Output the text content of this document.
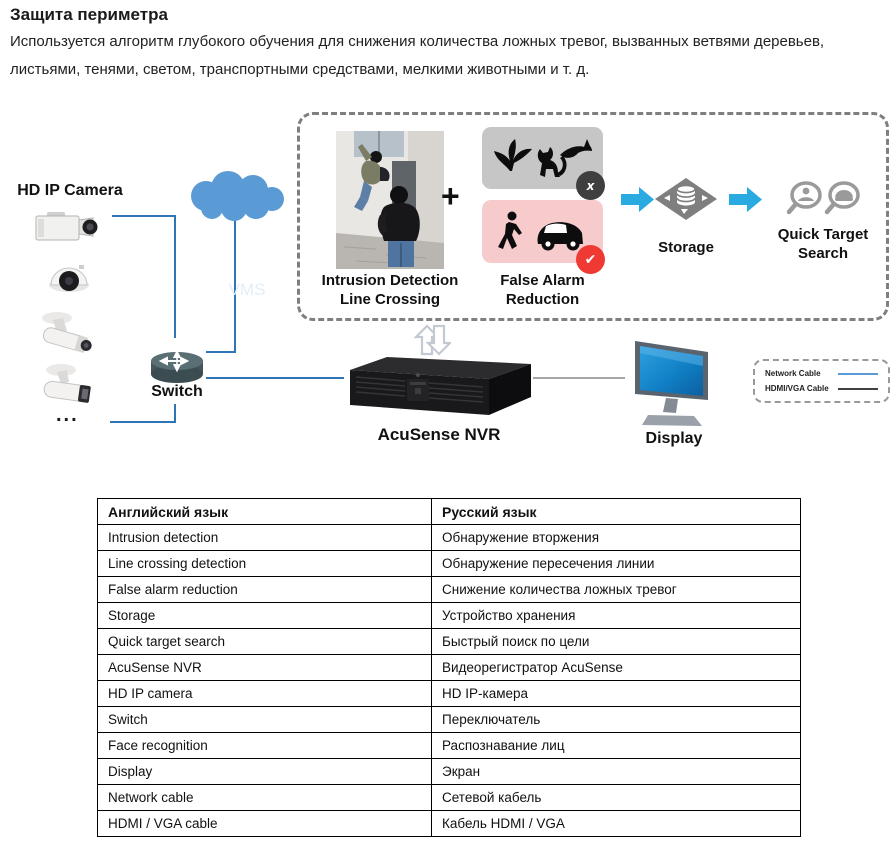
Защита периметра
Используется алгоритм глубокого обучения для снижения количества ложных тревог, вызванных ветвями деревьев,
листьями, тенями, светом, транспортными средствами, мелкими животными и т. д.
HD IP Camera
...
VMS
Switch
Intrusion Detection
Line Crossing
+	x
✔
False Alarm
Reduction
Storage
Quick Target
Search
AcuSense NVR	Display
Network Cable
HDMI/VGA Cable
Английский язык	Русский язык
Intrusion detection	Обнаружение вторжения
Line crossing detection	Обнаружение пересечения линии
False alarm reduction	Снижение количества ложных тревог
Storage	Устройство хранения
Quick target search	Быстрый поиск по цели
AcuSense NVR	Видеорегистратор AcuSense
HD IP camera	HD IP-камера
Switch	Переключатель
Face recognition	Распознавание лиц
Display	Экран
Network cable	Сетевой кабель
HDMI / VGA cable	Кабель HDMI / VGA
